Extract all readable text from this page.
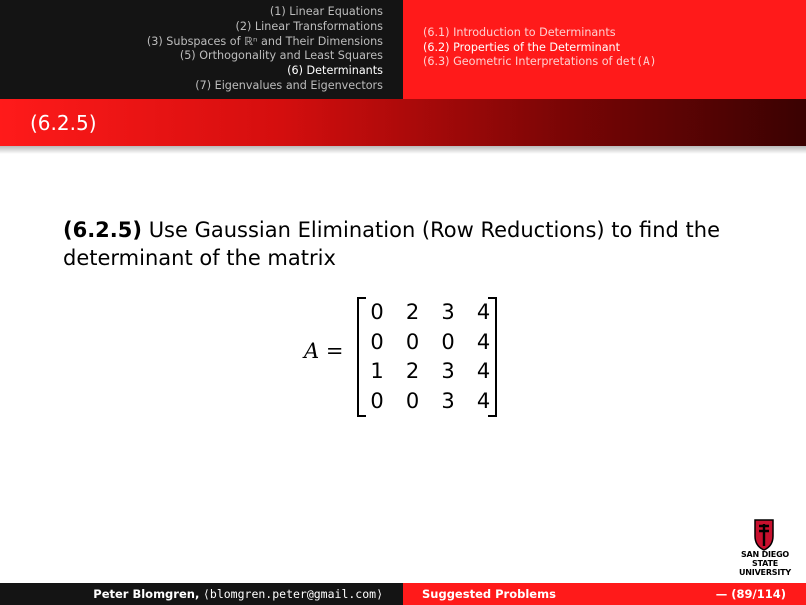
(1) Linear Equations
(2) Linear Transformations
(3) Subspaces of ℝⁿ and Their Dimensions
(5) Orthogonality and Least Squares
(6) Determinants
(7) Eigenvalues and Eigenvectors
(6.1) Introduction to Determinants
(6.2) Properties of the Determinant
(6.3) Geometric Interpretations of det(A)
(6.2.5)
(6.2.5) Use Gaussian Elimination (Row Reductions) to find the determinant of the matrix
A =
0	2	3	4
0	0	0	4
1	2	3	4
0	0	3	4
SAN DIEGO STATE
UNIVERSITY
Peter Blomgren, ⟨blomgren.peter@gmail.com⟩	Suggested Problems	— (89/114)
